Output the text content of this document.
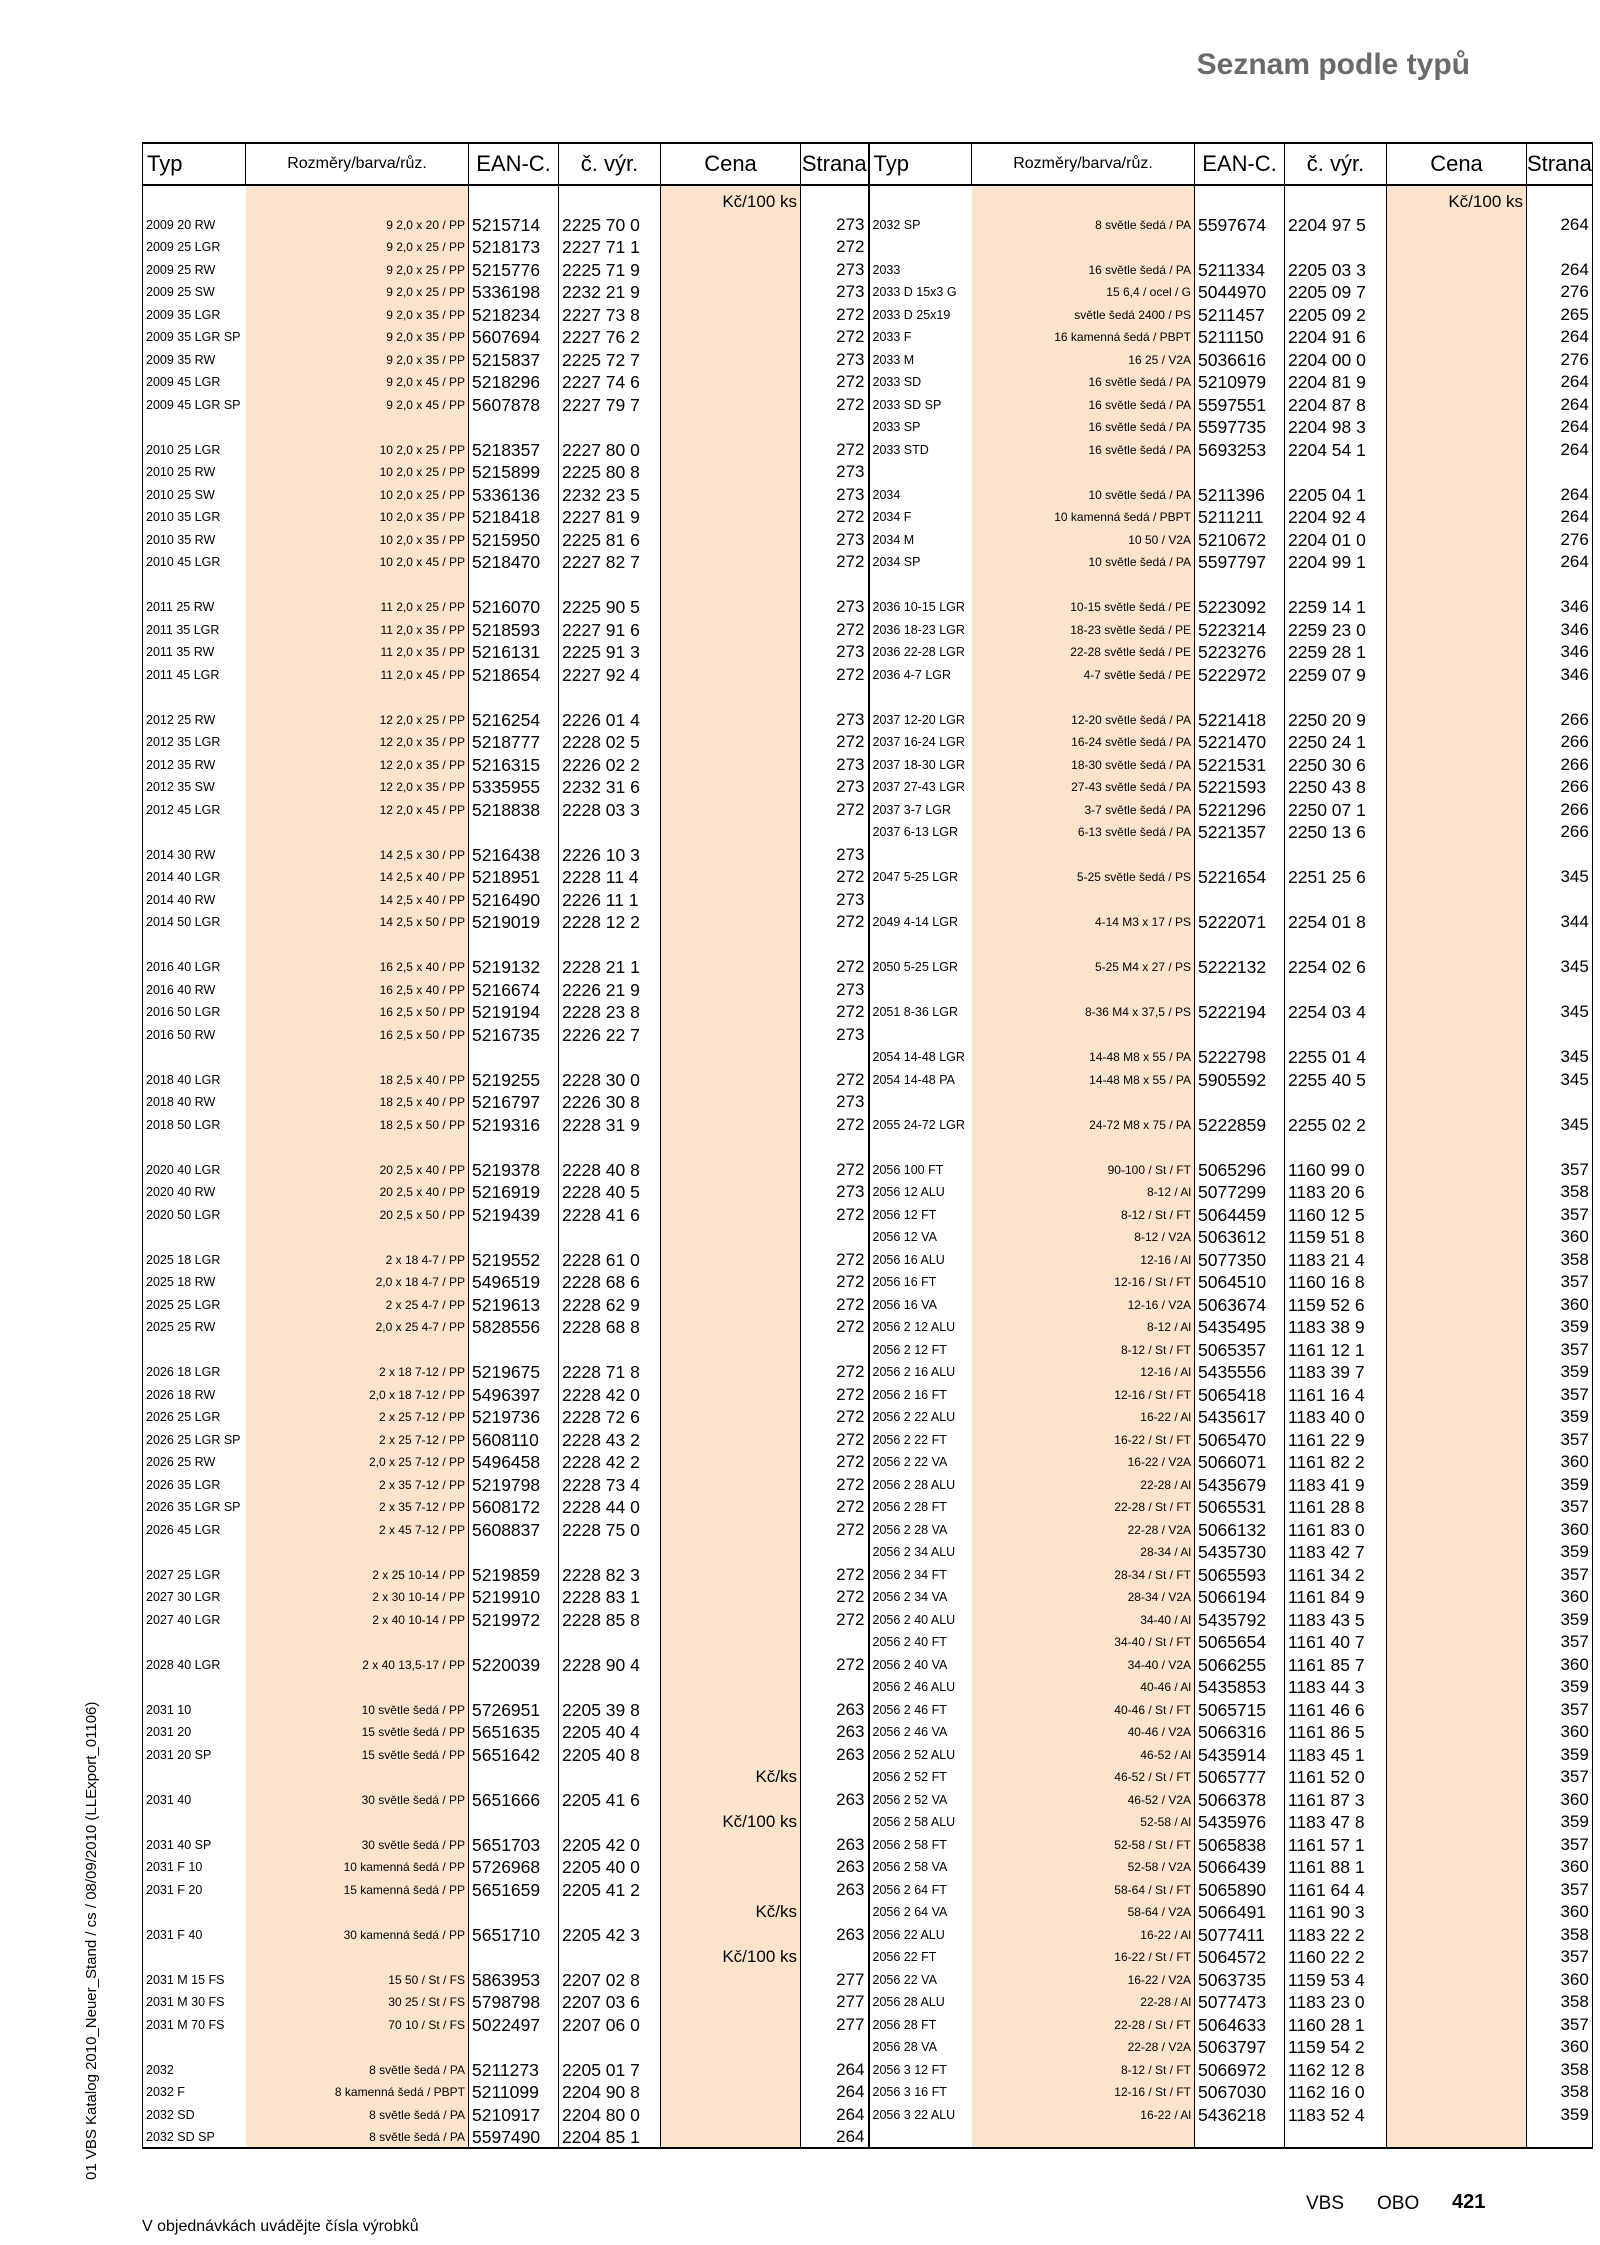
Seznam podle typů
01 VBS Katalog 2010_Neuer_Stand / cs / 08/09/2010 (LLExport_01106)
Typ	Rozměry/barva/růz.	EAN-C.	č. výr.	Cena	Strana	Typ	Rozměry/barva/růz.	EAN-C.	č. výr.	Cena	Strana
				Kč/100 ks						Kč/100 ks	
2009 20 RW	9 2,0 x 20 / PP	5215714	2225 70 0		273	2032 SP	8 světle šedá / PA	5597674	2204 97 5		264
2009 25 LGR	9 2,0 x 25 / PP	5218173	2227 71 1		272						
2009 25 RW	9 2,0 x 25 / PP	5215776	2225 71 9		273	2033	16 světle šedá / PA	5211334	2205 03 3		264
2009 25 SW	9 2,0 x 25 / PP	5336198	2232 21 9		273	2033 D 15x3 G	15 6,4 / ocel / G	5044970	2205 09 7		276
2009 35 LGR	9 2,0 x 35 / PP	5218234	2227 73 8		272	2033 D 25x19	světle šedá 2400 / PS	5211457	2205 09 2		265
2009 35 LGR SP	9 2,0 x 35 / PP	5607694	2227 76 2		272	2033 F	16 kamenná šedá / PBPT	5211150	2204 91 6		264
2009 35 RW	9 2,0 x 35 / PP	5215837	2225 72 7		273	2033 M	16 25 / V2A	5036616	2204 00 0		276
2009 45 LGR	9 2,0 x 45 / PP	5218296	2227 74 6		272	2033 SD	16 světle šedá / PA	5210979	2204 81 9		264
2009 45 LGR SP	9 2,0 x 45 / PP	5607878	2227 79 7		272	2033 SD SP	16 světle šedá / PA	5597551	2204 87 8		264
						2033 SP	16 světle šedá / PA	5597735	2204 98 3		264
2010 25 LGR	10 2,0 x 25 / PP	5218357	2227 80 0		272	2033 STD	16 světle šedá / PA	5693253	2204 54 1		264
2010 25 RW	10 2,0 x 25 / PP	5215899	2225 80 8		273						
2010 25 SW	10 2,0 x 25 / PP	5336136	2232 23 5		273	2034	10 světle šedá / PA	5211396	2205 04 1		264
2010 35 LGR	10 2,0 x 35 / PP	5218418	2227 81 9		272	2034 F	10 kamenná šedá / PBPT	5211211	2204 92 4		264
2010 35 RW	10 2,0 x 35 / PP	5215950	2225 81 6		273	2034 M	10 50 / V2A	5210672	2204 01 0		276
2010 45 LGR	10 2,0 x 45 / PP	5218470	2227 82 7		272	2034 SP	10 světle šedá / PA	5597797	2204 99 1		264

2011 25 RW	11 2,0 x 25 / PP	5216070	2225 90 5		273	2036 10-15 LGR	10-15 světle šedá / PE	5223092	2259 14 1		346
2011 35 LGR	11 2,0 x 35 / PP	5218593	2227 91 6		272	2036 18-23 LGR	18-23 světle šedá / PE	5223214	2259 23 0		346
2011 35 RW	11 2,0 x 35 / PP	5216131	2225 91 3		273	2036 22-28 LGR	22-28 světle šedá / PE	5223276	2259 28 1		346
2011 45 LGR	11 2,0 x 45 / PP	5218654	2227 92 4		272	2036 4-7 LGR	4-7 světle šedá / PE	5222972	2259 07 9		346

2012 25 RW	12 2,0 x 25 / PP	5216254	2226 01 4		273	2037 12-20 LGR	12-20 světle šedá / PA	5221418	2250 20 9		266
2012 35 LGR	12 2,0 x 35 / PP	5218777	2228 02 5		272	2037 16-24 LGR	16-24 světle šedá / PA	5221470	2250 24 1		266
2012 35 RW	12 2,0 x 35 / PP	5216315	2226 02 2		273	2037 18-30 LGR	18-30 světle šedá / PA	5221531	2250 30 6		266
2012 35 SW	12 2,0 x 35 / PP	5335955	2232 31 6		273	2037 27-43 LGR	27-43 světle šedá / PA	5221593	2250 43 8		266
2012 45 LGR	12 2,0 x 45 / PP	5218838	2228 03 3		272	2037 3-7 LGR	3-7 světle šedá / PA	5221296	2250 07 1		266
						2037 6-13 LGR	6-13 světle šedá / PA	5221357	2250 13 6		266
2014 30 RW	14 2,5 x 30 / PP	5216438	2226 10 3		273						
2014 40 LGR	14 2,5 x 40 / PP	5218951	2228 11 4		272	2047 5-25 LGR	5-25 světle šedá / PS	5221654	2251 25 6		345
2014 40 RW	14 2,5 x 40 / PP	5216490	2226 11 1		273						
2014 50 LGR	14 2,5 x 50 / PP	5219019	2228 12 2		272	2049 4-14 LGR	4-14 M3 x 17 / PS	5222071	2254 01 8		344

2016 40 LGR	16 2,5 x 40 / PP	5219132	2228 21 1		272	2050 5-25 LGR	5-25 M4 x 27 / PS	5222132	2254 02 6		345
2016 40 RW	16 2,5 x 40 / PP	5216674	2226 21 9		273						
2016 50 LGR	16 2,5 x 50 / PP	5219194	2228 23 8		272	2051 8-36 LGR	8-36 M4 x 37,5 / PS	5222194	2254 03 4		345
2016 50 RW	16 2,5 x 50 / PP	5216735	2226 22 7		273						
						2054 14-48 LGR	14-48 M8 x 55 / PA	5222798	2255 01 4		345
2018 40 LGR	18 2,5 x 40 / PP	5219255	2228 30 0		272	2054 14-48 PA	14-48 M8 x 55 / PA	5905592	2255 40 5		345
2018 40 RW	18 2,5 x 40 / PP	5216797	2226 30 8		273						
2018 50 LGR	18 2,5 x 50 / PP	5219316	2228 31 9		272	2055 24-72 LGR	24-72 M8 x 75 / PA	5222859	2255 02 2		345

2020 40 LGR	20 2,5 x 40 / PP	5219378	2228 40 8		272	2056 100 FT	90-100 / St / FT	5065296	1160 99 0		357
2020 40 RW	20 2,5 x 40 / PP	5216919	2228 40 5		273	2056 12 ALU	8-12 / Al	5077299	1183 20 6		358
2020 50 LGR	20 2,5 x 50 / PP	5219439	2228 41 6		272	2056 12 FT	8-12 / St / FT	5064459	1160 12 5		357
						2056 12 VA	8-12 / V2A	5063612	1159 51 8		360
2025 18 LGR	2 x 18 4-7 / PP	5219552	2228 61 0		272	2056 16 ALU	12-16 / Al	5077350	1183 21 4		358
2025 18 RW	2,0 x 18 4-7 / PP	5496519	2228 68 6		272	2056 16 FT	12-16 / St / FT	5064510	1160 16 8		357
2025 25 LGR	2 x 25 4-7 / PP	5219613	2228 62 9		272	2056 16 VA	12-16 / V2A	5063674	1159 52 6		360
2025 25 RW	2,0 x 25 4-7 / PP	5828556	2228 68 8		272	2056 2 12 ALU	8-12 / Al	5435495	1183 38 9		359
						2056 2 12 FT	8-12 / St / FT	5065357	1161 12 1		357
2026 18 LGR	2 x 18 7-12 / PP	5219675	2228 71 8		272	2056 2 16 ALU	12-16 / Al	5435556	1183 39 7		359
2026 18 RW	2,0 x 18 7-12 / PP	5496397	2228 42 0		272	2056 2 16 FT	12-16 / St / FT	5065418	1161 16 4		357
2026 25 LGR	2 x 25 7-12 / PP	5219736	2228 72 6		272	2056 2 22 ALU	16-22 / Al	5435617	1183 40 0		359
2026 25 LGR SP	2 x 25 7-12 / PP	5608110	2228 43 2		272	2056 2 22 FT	16-22 / St / FT	5065470	1161 22 9		357
2026 25 RW	2,0 x 25 7-12 / PP	5496458	2228 42 2		272	2056 2 22 VA	16-22 / V2A	5066071	1161 82 2		360
2026 35 LGR	2 x 35 7-12 / PP	5219798	2228 73 4		272	2056 2 28 ALU	22-28 / Al	5435679	1183 41 9		359
2026 35 LGR SP	2 x 35 7-12 / PP	5608172	2228 44 0		272	2056 2 28 FT	22-28 / St / FT	5065531	1161 28 8		357
2026 45 LGR	2 x 45 7-12 / PP	5608837	2228 75 0		272	2056 2 28 VA	22-28 / V2A	5066132	1161 83 0		360
						2056 2 34 ALU	28-34 / Al	5435730	1183 42 7		359
2027 25 LGR	2 x 25 10-14 / PP	5219859	2228 82 3		272	2056 2 34 FT	28-34 / St / FT	5065593	1161 34 2		357
2027 30 LGR	2 x 30 10-14 / PP	5219910	2228 83 1		272	2056 2 34 VA	28-34 / V2A	5066194	1161 84 9		360
2027 40 LGR	2 x 40 10-14 / PP	5219972	2228 85 8		272	2056 2 40 ALU	34-40 / Al	5435792	1183 43 5		359
						2056 2 40 FT	34-40 / St / FT	5065654	1161 40 7		357
2028 40 LGR	2 x 40 13,5-17 / PP	5220039	2228 90 4		272	2056 2 40 VA	34-40 / V2A	5066255	1161 85 7		360
						2056 2 46 ALU	40-46 / Al	5435853	1183 44 3		359
2031 10	10 světle šedá / PP	5726951	2205 39 8		263	2056 2 46 FT	40-46 / St / FT	5065715	1161 46 6		357
2031 20	15 světle šedá / PP	5651635	2205 40 4		263	2056 2 46 VA	40-46 / V2A	5066316	1161 86 5		360
2031 20 SP	15 světle šedá / PP	5651642	2205 40 8		263	2056 2 52 ALU	46-52 / Al	5435914	1183 45 1		359
				Kč/ks		2056 2 52 FT	46-52 / St / FT	5065777	1161 52 0		357
2031 40	30 světle šedá / PP	5651666	2205 41 6		263	2056 2 52 VA	46-52 / V2A	5066378	1161 87 3		360
				Kč/100 ks		2056 2 58 ALU	52-58 / Al	5435976	1183 47 8		359
2031 40 SP	30 světle šedá / PP	5651703	2205 42 0		263	2056 2 58 FT	52-58 / St / FT	5065838	1161 57 1		357
2031 F 10	10 kamenná šedá / PP	5726968	2205 40 0		263	2056 2 58 VA	52-58 / V2A	5066439	1161 88 1		360
2031 F 20	15 kamenná šedá / PP	5651659	2205 41 2		263	2056 2 64 FT	58-64 / St / FT	5065890	1161 64 4		357
				Kč/ks		2056 2 64 VA	58-64 / V2A	5066491	1161 90 3		360
2031 F 40	30 kamenná šedá / PP	5651710	2205 42 3		263	2056 22 ALU	16-22 / Al	5077411	1183 22 2		358
				Kč/100 ks		2056 22 FT	16-22 / St / FT	5064572	1160 22 2		357
2031 M 15 FS	15 50 / St / FS	5863953	2207 02 8		277	2056 22 VA	16-22 / V2A	5063735	1159 53 4		360
2031 M 30 FS	30 25 / St / FS	5798798	2207 03 6		277	2056 28 ALU	22-28 / Al	5077473	1183 23 0		358
2031 M 70 FS	70 10 / St / FS	5022497	2207 06 0		277	2056 28 FT	22-28 / St / FT	5064633	1160 28 1		357
						2056 28 VA	22-28 / V2A	5063797	1159 54 2		360
2032	8 světle šedá / PA	5211273	2205 01 7		264	2056 3 12 FT	8-12 / St / FT	5066972	1162 12 8		358
2032 F	8 kamenná šedá / PBPT	5211099	2204 90 8		264	2056 3 16 FT	12-16 / St / FT	5067030	1162 16 0		358
2032 SD	8 světle šedá / PA	5210917	2204 80 0		264	2056 3 22 ALU	16-22 / Al	5436218	1183 52 4		359
2032 SD SP	8 světle šedá / PA	5597490	2204 85 1		264						
VBS OBO 421
V objednávkách uvádějte čísla výrobků
